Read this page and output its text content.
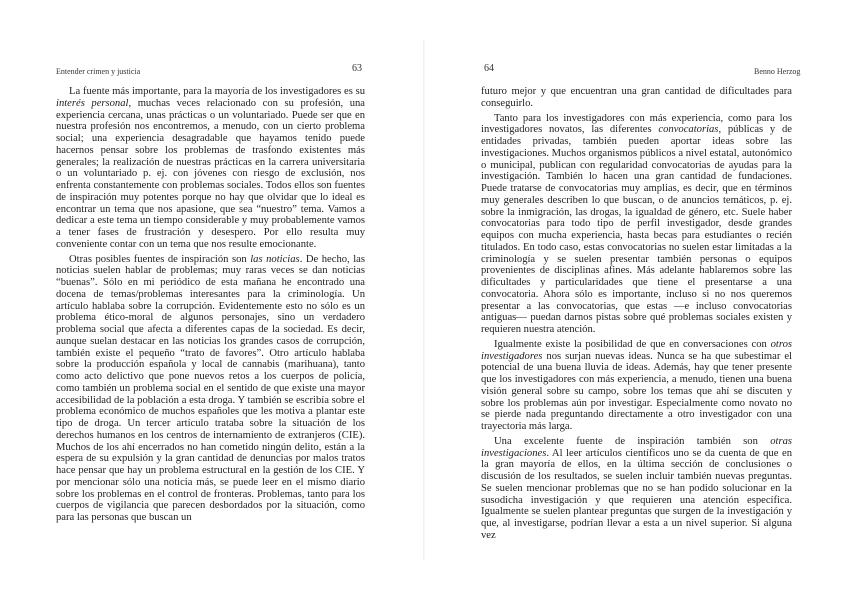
Entender crimen y justicia	63

La fuente más importante, para la mayoría de los investigadores es su interés personal, muchas veces relacionado con su profesión, una experiencia cercana, unas prácticas o un voluntariado. Puede ser que en nuestra profesión nos encontremos, a menudo, con un cierto problema social; una experiencia desagradable que hayamos tenido puede hacernos pensar sobre los problemas de trasfondo existentes más generales; la realización de nuestras prácticas en la carrera universitaria o un voluntariado p. ej. con jóvenes con riesgo de exclusión, nos enfrenta constantemente con problemas sociales. Todos ellos son fuentes de inspiración muy potentes porque no hay que olvidar que lo ideal es encontrar un tema que nos apasione, que sea “nuestro” tema. Vamos a dedicar a este tema un tiempo considerable y muy probablemente vamos a tener fases de frustración y desespero. Por ello resulta muy conveniente contar con un tema que nos resulte emocionante.

Otras posibles fuentes de inspiración son las noticias. De hecho, las noticias suelen hablar de problemas; muy raras veces se dan noticias “buenas”. Sólo en mi periódico de esta mañana he encontrado una docena de temas/problemas interesantes para la criminología. Un artículo hablaba sobre la corrupción. Evidentemente esto no sólo es un problema ético-moral de algunos personajes, sino un verdadero problema social que afecta a diferentes capas de la sociedad. Es decir, aunque suelan destacar en las noticias los grandes casos de corrupción, también existe el pequeño “trato de favores”. Otro artículo hablaba sobre la producción española y local de cannabis (marihuana), tanto como acto delictivo que pone nuevos retos a los cuerpos de policía, como también un problema social en el sentido de que existe una mayor accesibilidad de la población a esta droga. Y también se escribía sobre el problema económico de muchos españoles que les motiva a plantar este tipo de droga. Un tercer artículo trataba sobre la situación de los derechos humanos en los centros de internamiento de extranjeros (CIE). Muchos de los ahí encerrados no han cometido ningún delito, están a la espera de su expulsión y la gran cantidad de denuncias por malos tratos hace pensar que hay un problema estructural en la gestión de los CIE. Y por mencionar sólo una noticia más, se puede leer en el mismo diario sobre los problemas en el control de fronteras. Problemas, tanto para los cuerpos de vigilancia que parecen desbordados por la situación, como para las personas que buscan un

64	Benno Herzog

futuro mejor y que encuentran una gran cantidad de dificultades para conseguirlo.

Tanto para los investigadores con más experiencia, como para los investigadores novatos, las diferentes convocatorias, públicas y de entidades privadas, también pueden aportar ideas sobre las investigaciones. Muchos organismos públicos a nivel estatal, autonómico o municipal, publican con regularidad convocatorias de ayudas para la investigación. También lo hacen una gran cantidad de fundaciones. Puede tratarse de convocatorias muy amplias, es decir, que en términos muy generales describen lo que buscan, o de anuncios temáticos, p. ej. sobre la inmigración, las drogas, la igualdad de género, etc. Suele haber convocatorias para todo tipo de perfil investigador, desde grandes equipos con mucha experiencia, hasta becas para estudiantes o recién titulados. En todo caso, estas convocatorias no suelen estar limitadas a la criminología y se suelen presentar también personas o equipos provenientes de disciplinas afines. Más adelante hablaremos sobre las dificultades y particularidades que tiene el presentarse a una convocatoria. Ahora sólo es importante, incluso si no nos queremos presentar a las convocatorias, que estas —e incluso convocatorias antiguas— puedan darnos pistas sobre qué problemas sociales existen y requieren nuestra atención.

Igualmente existe la posibilidad de que en conversaciones con otros investigadores nos surjan nuevas ideas. Nunca se ha que subestimar el potencial de una buena lluvia de ideas. Además, hay que tener presente que los investigadores con más experiencia, a menudo, tienen una buena visión general sobre su campo, sobre los temas que ahí se discuten y sobre los problemas aún por investigar. Especialmente como novato no se pierde nada preguntando directamente a otro investigador con una trayectoria más larga.

Una excelente fuente de inspiración también son otras investigaciones. Al leer artículos científicos uno se da cuenta de que en la gran mayoría de ellos, en la última sección de conclusiones o discusión de los resultados, se suelen incluir también nuevas preguntas. Se suelen mencionar problemas que no se han podido solucionar en la susodicha investigación y que requieren una atención específica. Igualmente se suelen plantear preguntas que surgen de la investigación y que, al investigarse, podrían llevar a esta a un nivel superior. Si alguna vez
